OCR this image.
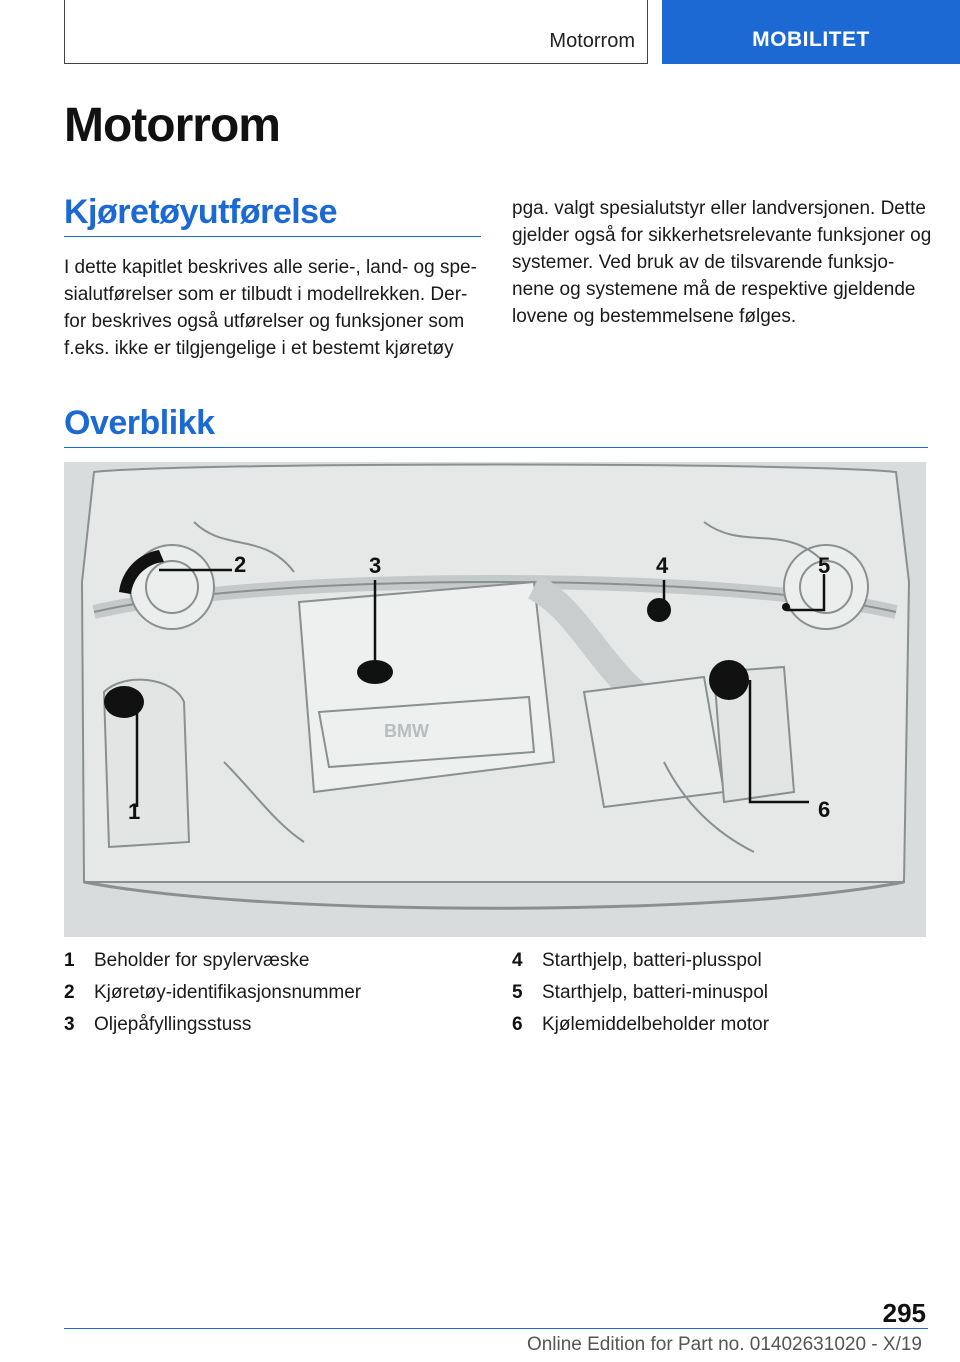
Motorrom	MOBILITET
Motorrom
Kjøretøyutførelse

I dette kapitlet beskrives alle serie-, land- og spe-sialutførelser som er tilbudt i modellrekken. Der-for beskrives også utførelser og funksjoner som f.eks. ikke er tilgjengelige i et bestemt kjøretøy

pga. valgt spesialutstyr eller landversjonen. Dette gjelder også for sikkerhetsrelevante funksjoner og systemer. Ved bruk av de tilsvarende funksjo-nene og systemene må de respektive gjeldende lovene og bestemmelsene følges.

Overblikk
BMW
1
2	3	4	5
6
1	Beholder for spylervæske
2	Kjøretøy-identifikasjonsnummer
3	Oljepåfyllingsstuss
4	Starthjelp, batteri-plusspol
5	Starthjelp, batteri-minuspol
6	Kjølemiddelbeholder motor
295
Online Edition for Part no. 01402631020 - X/19
